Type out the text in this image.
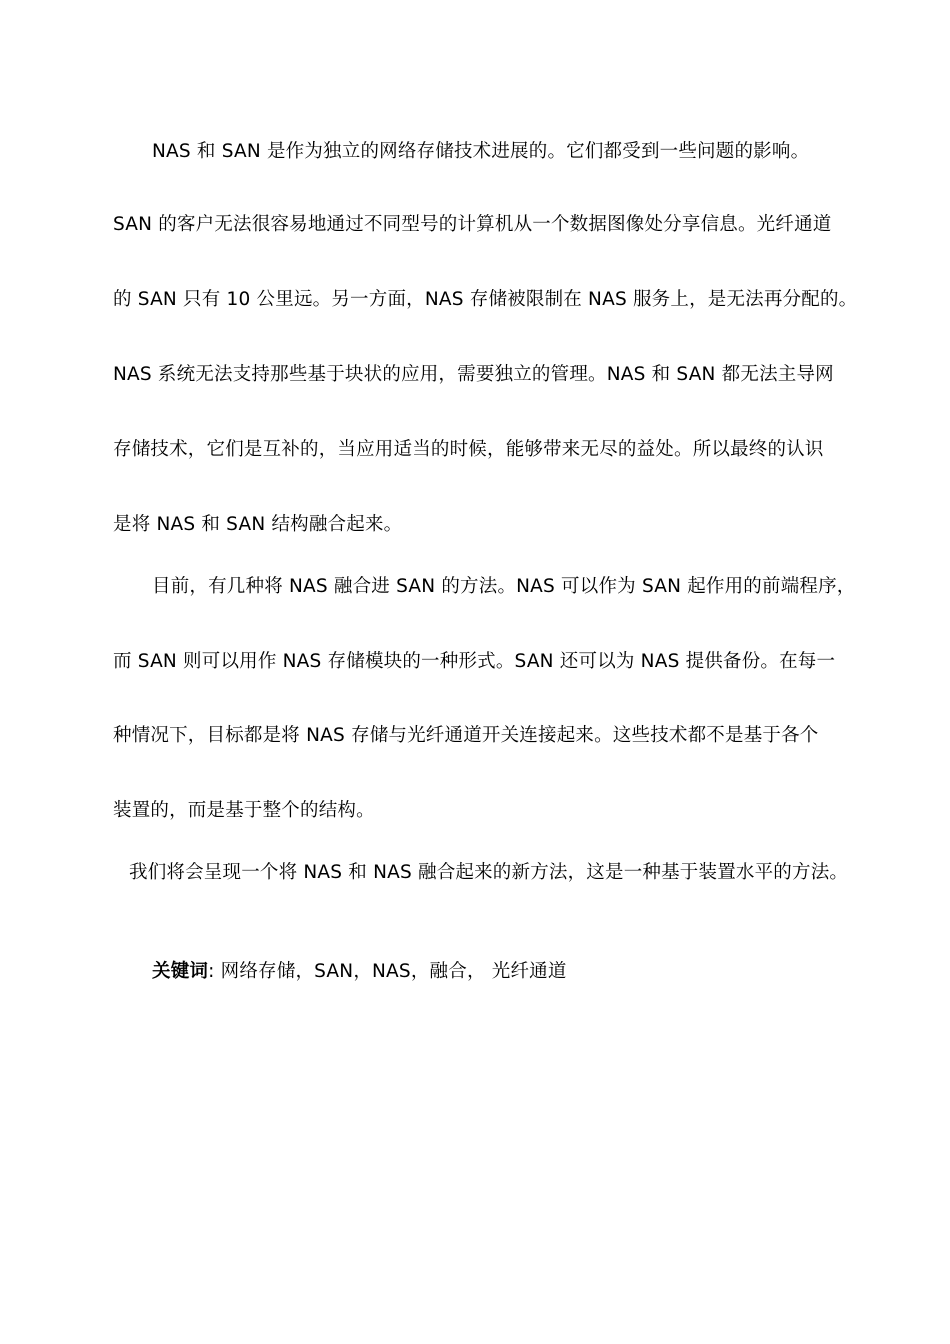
NAS 和 SAN 是作为独立的网络存储技术进展的。它们都受到一些问题的影响。
SAN 的客户无法很容易地通过不同型号的计算机从一个数据图像处分享信息。光纤通道
的 SAN 只有 10 公里远。另一方面，NAS 存储被限制在 NAS 服务上，是无法再分配的。
NAS 系统无法支持那些基于块状的应用，需要独立的管理。NAS 和 SAN 都无法主导网
存储技术，它们是互补的，当应用适当的时候，能够带来无尽的益处。所以最终的认识
是将 NAS 和 SAN 结构融合起来。
目前，有几种将 NAS 融合进 SAN 的方法。NAS 可以作为 SAN 起作用的前端程序，
而 SAN 则可以用作 NAS 存储模块的一种形式。SAN 还可以为 NAS 提供备份。在每一
种情况下，目标都是将 NAS 存储与光纤通道开关连接起来。这些技术都不是基于各个
装置的，而是基于整个的结构。
我们将会呈现一个将 NAS 和 NAS 融合起来的新方法，这是一种基于装置水平的方法。
关键词: 网络存储，SAN，NAS，融合， 光纤通道
